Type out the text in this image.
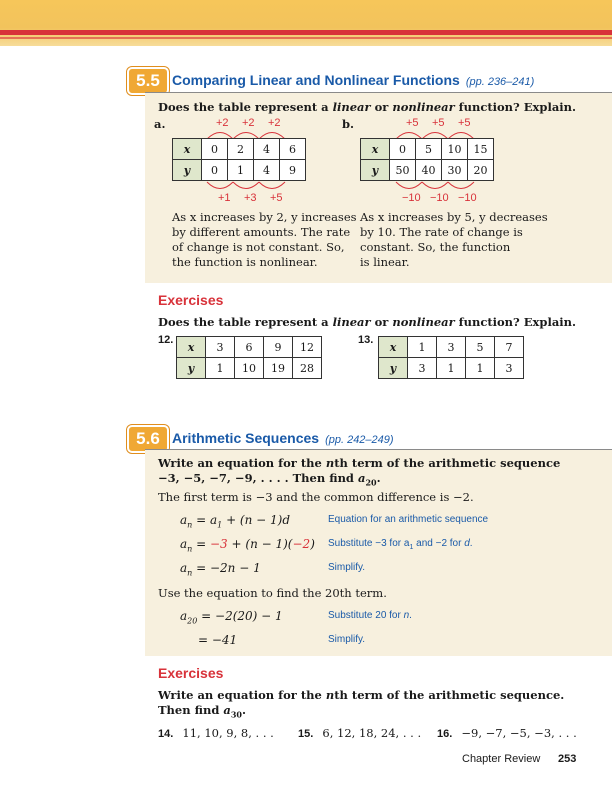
5.5 Comparing Linear and Nonlinear Functions (pp. 236–241)
Does the table represent a linear or nonlinear function? Explain.
a.	+2 +2 +2
x	0	2	4	6
y	0	1	4	9
+1 +3 +5
As x increases by 2, y increases
by different amounts. The rate
of change is not constant. So,
the function is nonlinear.
b.	+5 +5 +5
x	0	5	10	15
y	50	40	30	20
−10 −10 −10
As x increases by 5, y decreases
by 10. The rate of change is
constant. So, the function
is linear.
Exercises
Does the table represent a linear or nonlinear function? Explain.
12.
x	3	6	9	12
y	1	10	19	28
13.
x	1	3	5	7
y	3	1	1	3
5.6 Arithmetic Sequences (pp. 242–249)
Write an equation for the nth term of the arithmetic sequence
−3, −5, −7, −9, . . . . Then find $a_{20}$.
The first term is −3 and the common difference is −2.
$a_n = a_1 + (n - 1)d$	Equation for an arithmetic sequence
$a_n = -3 + (n - 1)(-2)$ Substitute −3 for $a_1$ and −2 for d.
$a_n = -2n - 1$	Simplify.
Use the equation to find the 20th term.
$a_{20} = -2(20) - 1$	Substitute 20 for n.
= −41	Simplify.
Exercises
Write an equation for the nth term of the arithmetic sequence.
Then find $a_{30}$.
14. 11, 10, 9, 8, . . . 15. 6, 12, 18, 24, . . . 16. −9, −7, −5, −3, . . .
Chapter Review 253
